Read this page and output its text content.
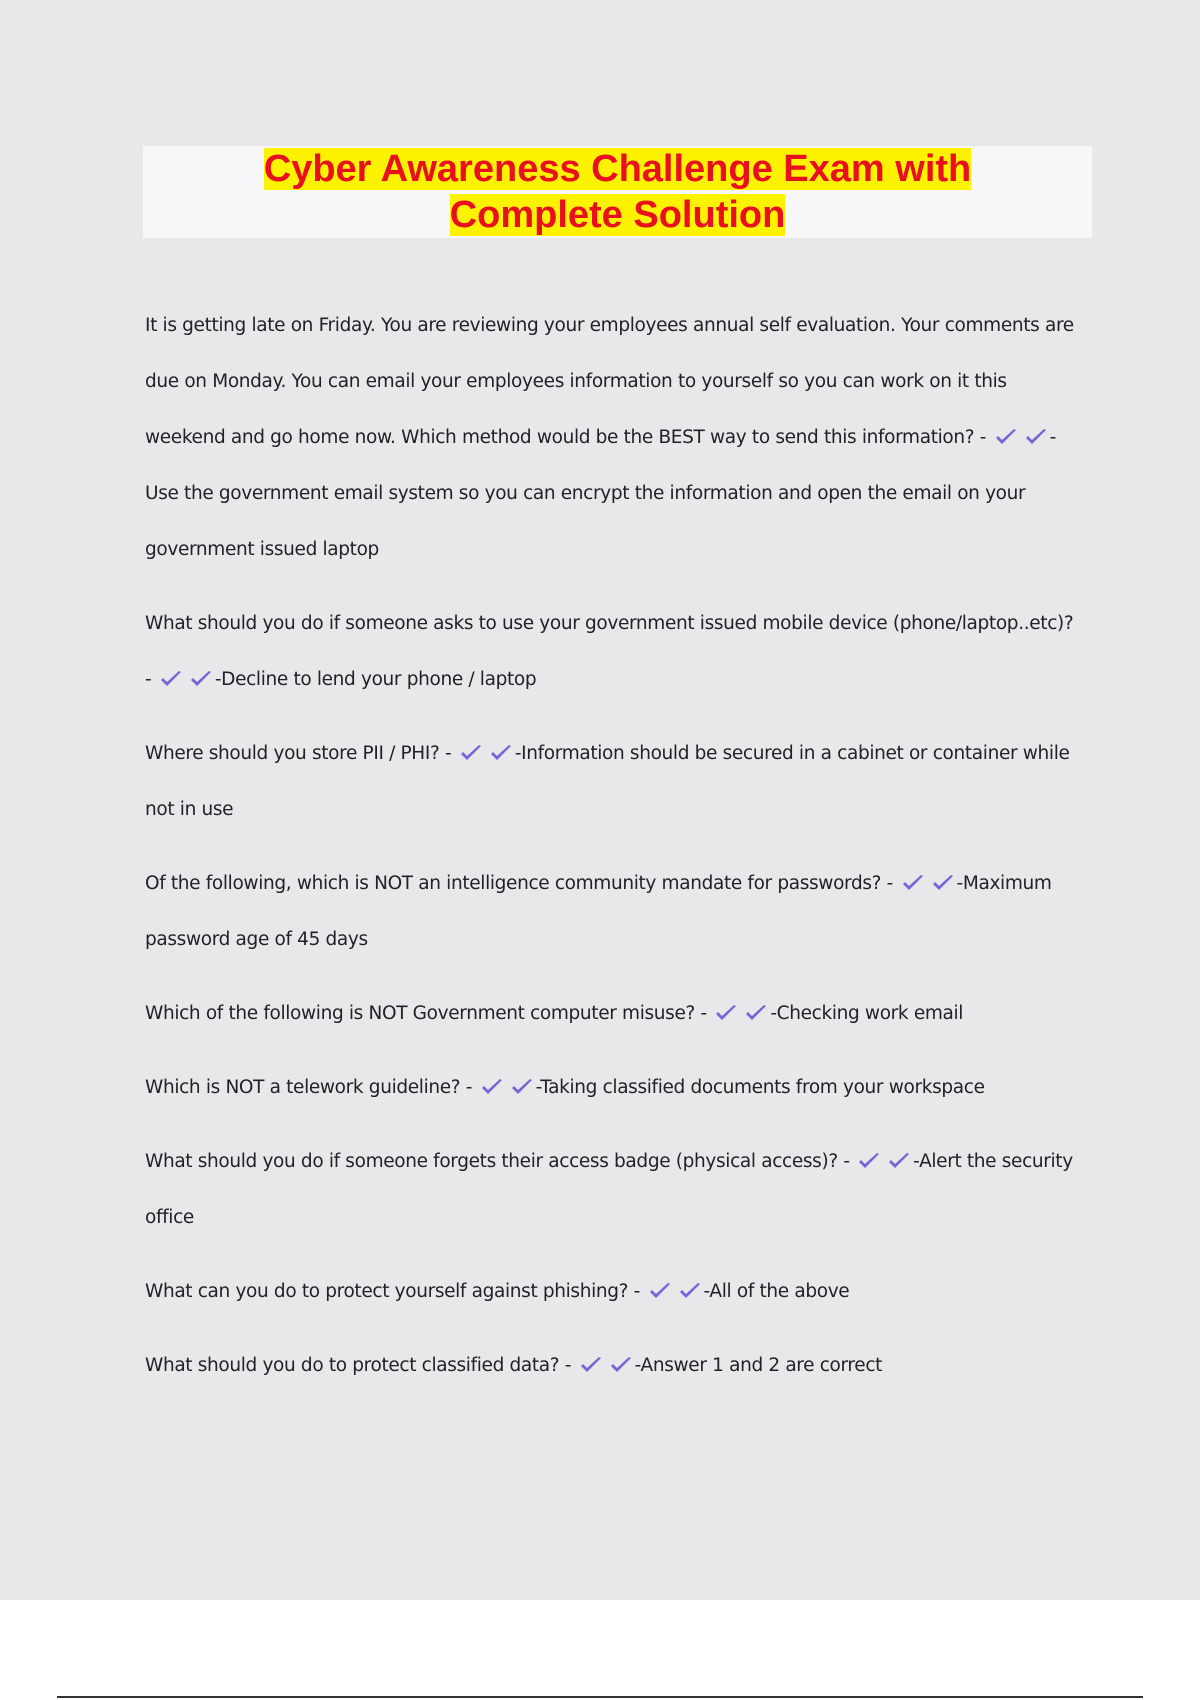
Cyber Awareness Challenge Exam with
Complete Solution
It is getting late on Friday. You are reviewing your employees annual self evaluation. Your comments are
due on Monday. You can email your employees information to yourself so you can work on it this
weekend and go home now. Which method would be the BEST way to send this information? -	-
Use the government email system so you can encrypt the information and open the email on your
government issued laptop
What should you do if someone asks to use your government issued mobile device (phone/laptop..etc)?
-	-Decline to lend your phone / laptop
Where should you store PII / PHI? -	-Information should be secured in a cabinet or container while
not in use
Of the following, which is NOT an intelligence community mandate for passwords? -	-Maximum
password age of 45 days
Which of the following is NOT Government computer misuse? -	-Checking work email
Which is NOT a telework guideline? -	-Taking classified documents from your workspace
What should you do if someone forgets their access badge (physical access)? -	-Alert the security
office
What can you do to protect yourself against phishing? -	-All of the above
What should you do to protect classified data? -	-Answer 1 and 2 are correct
